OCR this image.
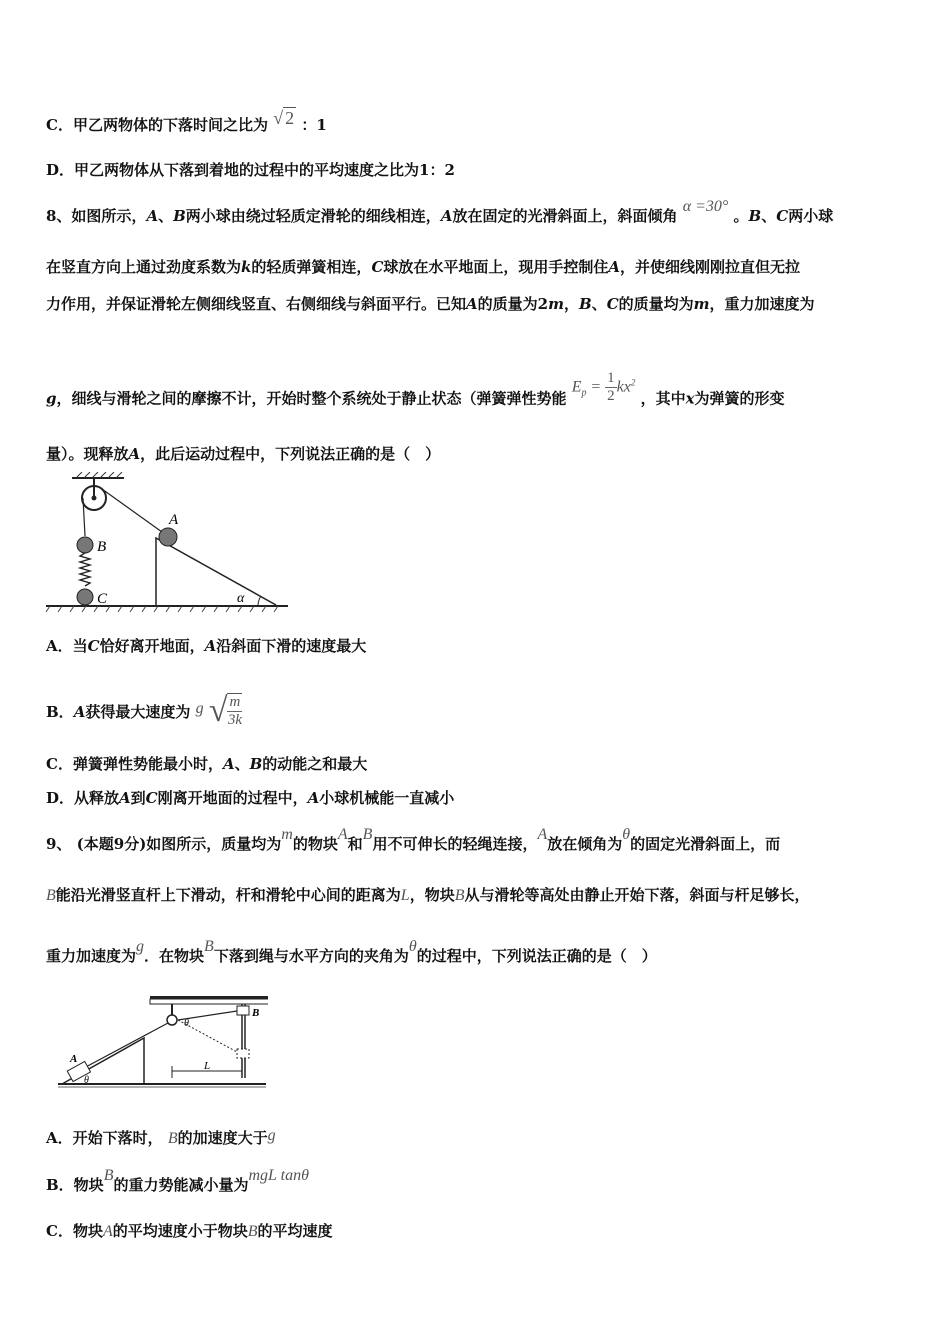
C．甲乙两物体的下落时间之比为 √ 2 ：1
D．甲乙两物体从下落到着地的过程中的平均速度之比为1：2
8、如图所示，A、B两小球由绕过轻质定滑轮的细线相连，A放在固定的光滑斜面上，斜面倾角 α =30° 。B、C两小球
在竖直方向上通过劲度系数为k的轻质弹簧相连，C球放在水平地面上，现用手控制住A，并使细线刚刚拉直但无拉
力作用，并保证滑轮左侧细线竖直、右侧细线与斜面平行。已知A的质量为2m，B、C的质量均为m，重力加速度为
g，细线与滑轮之间的摩擦不计，开始时整个系统处于静止状态（弹簧弹性势能 $E_p = \frac{1}{2} kx^2$ ，其中x为弹簧的形变
量）。现释放A，此后运动过程中，下列说法正确的是（　）
A
B
C	α
A．当C恰好离开地面，A沿斜面下滑的速度最大
B．A获得最大速度为 g √ $\frac{m}{3k}$
C．弹簧弹性势能最小时，A、B的动能之和最大
D．从释放A到C刚离开地面的过程中，A小球机械能一直减小
9、 (本题9分)如图所示，质量均为m的物块A和B用不可伸长的轻绳连接，A放在倾角为θ的固定光滑斜面上，而
B能沿光滑竖直杆上下滑动，杆和滑轮中心间的距离为L，物块B从与滑轮等高处由静止开始下落，斜面与杆足够长，
重力加速度为g．在物块B下落到绳与水平方向的夹角为θ的过程中，下列说法正确的是（　）
A
θ
θ
B
L
A．开始下落时， B的加速度大于g
B．物块B的重力势能减小量为mgL tanθ
C．物块A的平均速度小于物块B的平均速度
